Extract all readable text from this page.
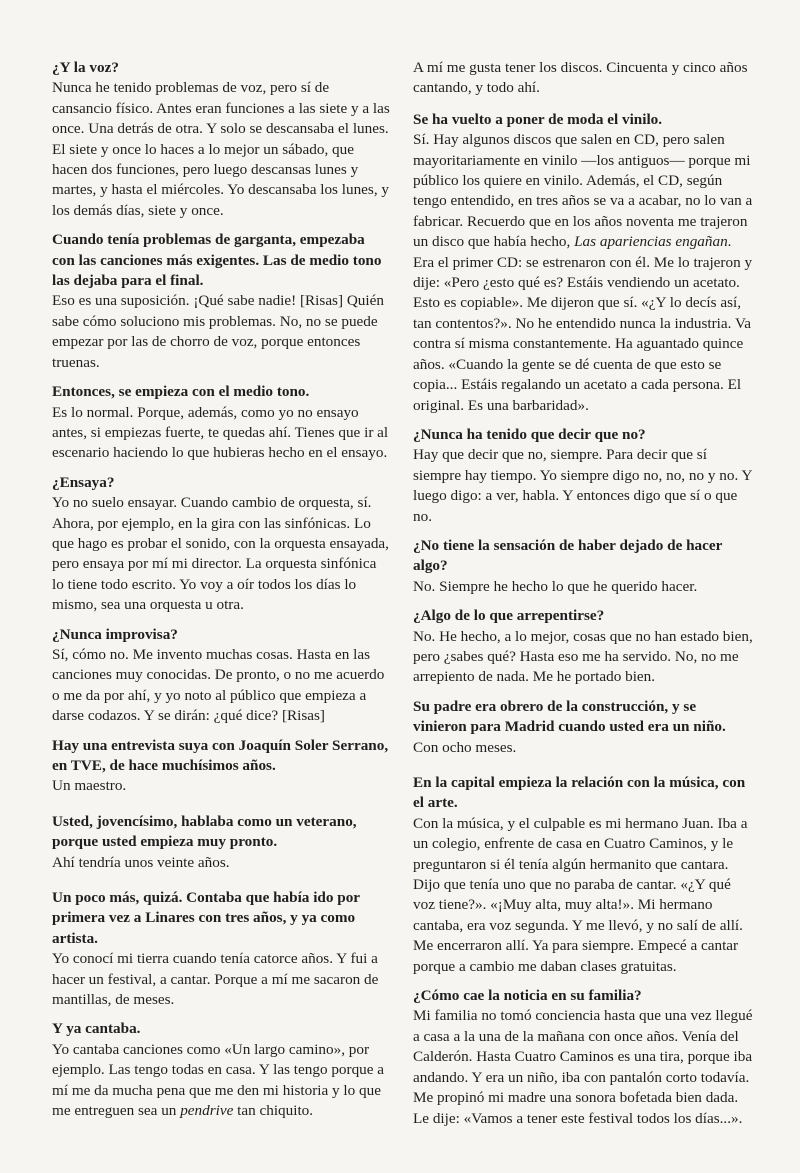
¿Y la voz?

Nunca he tenido problemas de voz, pero sí de cansancio físico. Antes eran funciones a las siete y a las once. Una detrás de otra. Y solo se descansaba el lunes. El siete y once lo haces a lo mejor un sábado, que hacen dos funciones, pero luego descansas lunes y martes, y hasta el miércoles. Yo descansaba los lunes, y los demás días, siete y once.

Cuando tenía problemas de garganta, empezaba con las canciones más exigentes. Las de medio tono las dejaba para el final.

Eso es una suposición. ¡Qué sabe nadie! [Risas] Quién sabe cómo soluciono mis problemas. No, no se puede empezar por las de chorro de voz, porque entonces truenas.

Entonces, se empieza con el medio tono.

Es lo normal. Porque, además, como yo no ensayo antes, si empiezas fuerte, te quedas ahí. Tienes que ir al escenario haciendo lo que hubieras hecho en el ensayo.

¿Ensaya?

Yo no suelo ensayar. Cuando cambio de orquesta, sí. Ahora, por ejemplo, en la gira con las sinfónicas. Lo que hago es probar el sonido, con la orquesta ensayada, pero ensaya por mí mi director. La orquesta sinfónica lo tiene todo escrito. Yo voy a oír todos los días lo mismo, sea una orquesta u otra.

¿Nunca improvisa?

Sí, cómo no. Me invento muchas cosas. Hasta en las canciones muy conocidas. De pronto, o no me acuerdo o me da por ahí, y yo noto al público que empieza a darse codazos. Y se dirán: ¿qué dice? [Risas]

Hay una entrevista suya con Joaquín Soler Serrano, en TVE, de hace muchísimos años.

Un maestro.

Usted, jovencísimo, hablaba como un veterano, porque usted empieza muy pronto.

Ahí tendría unos veinte años.

Un poco más, quizá. Contaba que había ido por primera vez a Linares con tres años, y ya como artista.

Yo conocí mi tierra cuando tenía catorce años. Y fui a hacer un festival, a cantar. Porque a mí me sacaron de mantillas, de meses.

Y ya cantaba.

Yo cantaba canciones como «Un largo camino», por ejemplo. Las tengo todas en casa. Y las tengo porque a mí me da mucha pena que me den mi historia y lo que me entreguen sea un pendrive tan chiquito.

A mí me gusta tener los discos. Cincuenta y cinco años cantando, y todo ahí.

Se ha vuelto a poner de moda el vinilo.

Sí. Hay algunos discos que salen en CD, pero salen mayoritariamente en vinilo —los antiguos— porque mi público los quiere en vinilo. Además, el CD, según tengo entendido, en tres años se va a acabar, no lo van a fabricar. Recuerdo que en los años noventa me trajeron un disco que había hecho, Las apariencias engañan. Era el primer CD: se estrenaron con él. Me lo trajeron y dije: «Pero ¿esto qué es? Estáis vendiendo un acetato. Esto es copiable». Me dijeron que sí. «¿Y lo decís así, tan contentos?». No he entendido nunca la industria. Va contra sí misma constantemente. Ha aguantado quince años. «Cuando la gente se dé cuenta de que esto se copia... Estáis regalando un acetato a cada persona. El original. Es una barbaridad».

¿Nunca ha tenido que decir que no?

Hay que decir que no, siempre. Para decir que sí siempre hay tiempo. Yo siempre digo no, no, no y no. Y luego digo: a ver, habla. Y entonces digo que sí o que no.

¿No tiene la sensación de haber dejado de hacer algo?

No. Siempre he hecho lo que he querido hacer.

¿Algo de lo que arrepentirse?

No. He hecho, a lo mejor, cosas que no han estado bien, pero ¿sabes qué? Hasta eso me ha servido. No, no me arrepiento de nada. Me he portado bien.

Su padre era obrero de la construcción, y se vinieron para Madrid cuando usted era un niño.

Con ocho meses.

En la capital empieza la relación con la música, con el arte.

Con la música, y el culpable es mi hermano Juan. Iba a un colegio, enfrente de casa en Cuatro Caminos, y le preguntaron si él tenía algún hermanito que cantara. Dijo que tenía uno que no paraba de cantar. «¿Y qué voz tiene?». «¡Muy alta, muy alta!». Mi hermano cantaba, era voz segunda. Y me llevó, y no salí de allí. Me encerraron allí. Ya para siempre. Empecé a cantar porque a cambio me daban clases gratuitas.

¿Cómo cae la noticia en su familia?

Mi familia no tomó conciencia hasta que una vez llegué a casa a la una de la mañana con once años. Venía del Calderón. Hasta Cuatro Caminos es una tira, porque iba andando. Y era un niño, iba con pantalón corto todavía. Me propinó mi madre una sonora bofetada bien dada. Le dije: «Vamos a tener este festival todos los días...».
